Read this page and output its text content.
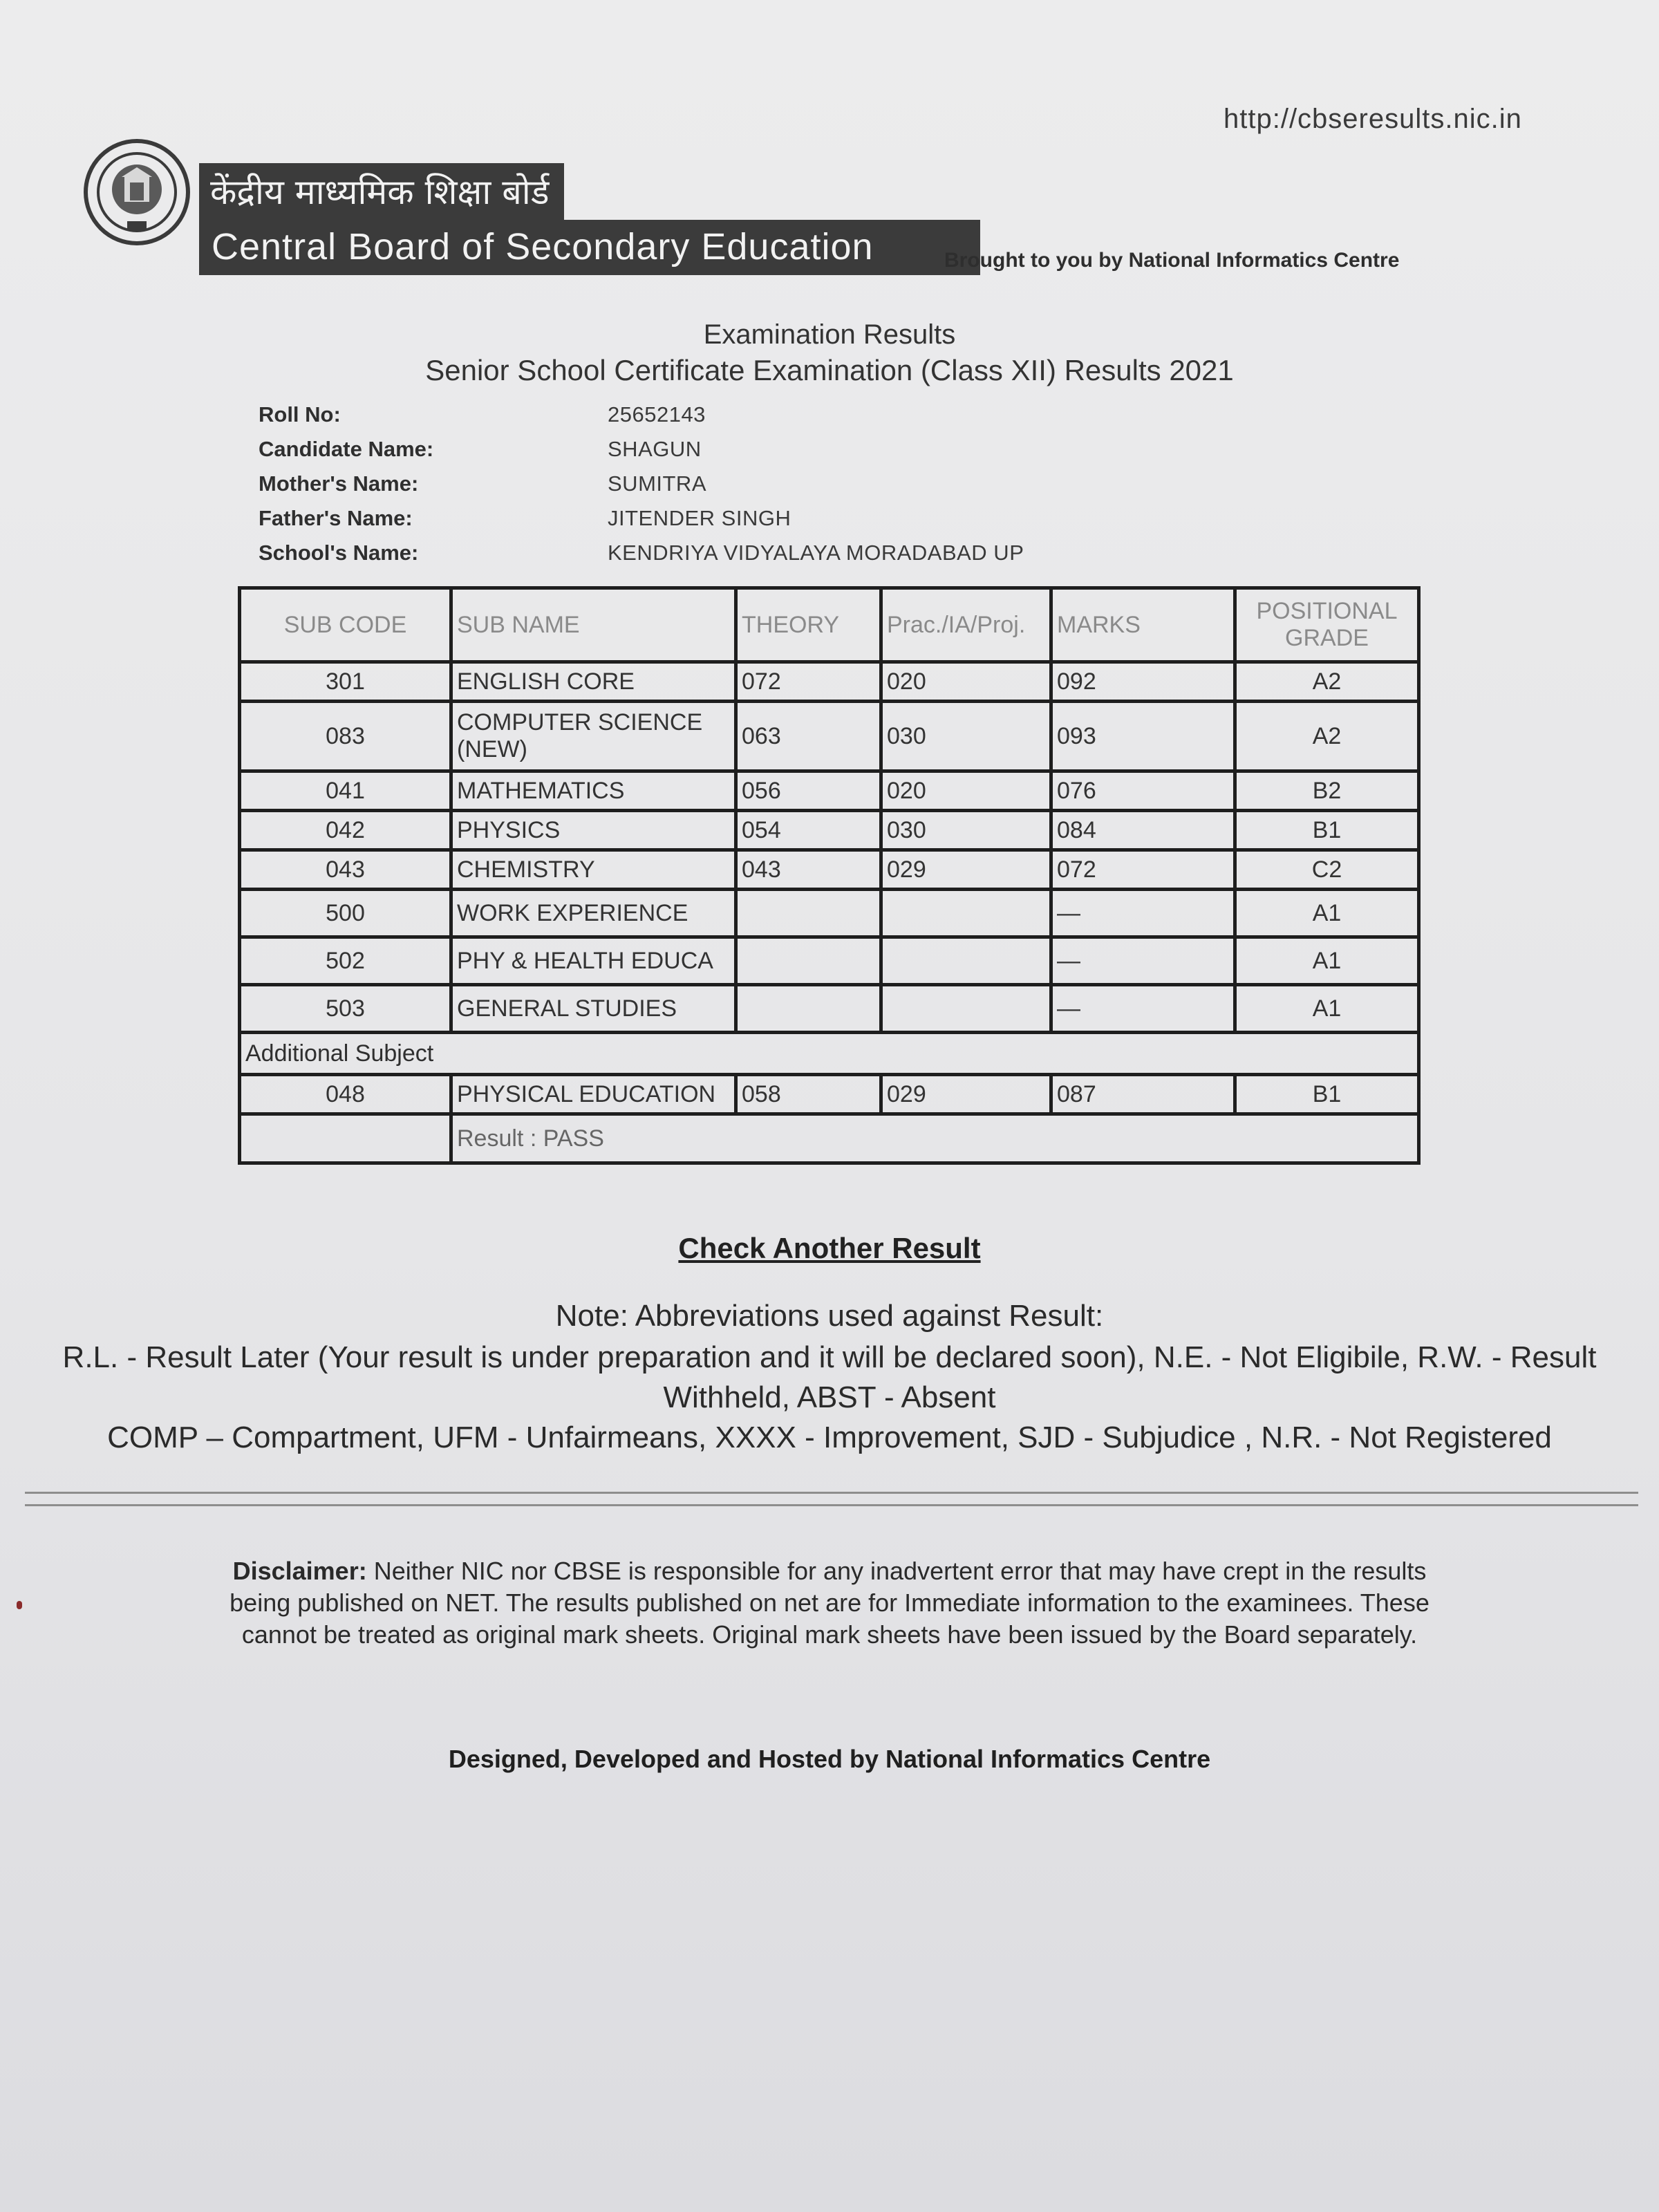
http://cbseresults.nic.in
केंद्रीय माध्यमिक शिक्षा बोर्ड
Central Board of Secondary Education	Brought to you by National Informatics Centre
Examination Results
Senior School Certificate Examination (Class XII) Results 2021
Roll No:	25652143
Candidate Name:	SHAGUN
Mother's Name:	SUMITRA
Father's Name:	JITENDER SINGH
School's Name:	KENDRIYA VIDYALAYA MORADABAD UP
SUB CODE	SUB NAME	THEORY	Prac./IA/Proj.	MARKS	POSITIONAL GRADE
301	ENGLISH CORE	072	020	092	A2
083	COMPUTER SCIENCE (NEW)	063	030	093	A2
041	MATHEMATICS	056	020	076	B2
042	PHYSICS	054	030	084	B1
043	CHEMISTRY	043	029	072	C2
500	WORK EXPERIENCE			—	A1
502	PHY & HEALTH EDUCA			—	A1
503	GENERAL STUDIES			—	A1
Additional Subject					
048	PHYSICAL EDUCATION	058	029	087	B1
	Result : PASS				
Check Another Result
Note: Abbreviations used against Result:
R.L. - Result Later (Your result is under preparation and it will be declared soon), N.E. - Not Eligibile, R.W. - Result Withheld, ABST - Absent
COMP – Compartment, UFM - Unfairmeans, XXXX - Improvement, SJD - Subjudice , N.R. - Not Registered
Disclaimer: Neither NIC nor CBSE is responsible for any inadvertent error that may have crept in the results being published on NET. The results published on net are for Immediate information to the examinees. These cannot be treated as original mark sheets. Original mark sheets have been issued by the Board separately.
Designed, Developed and Hosted by National Informatics Centre
